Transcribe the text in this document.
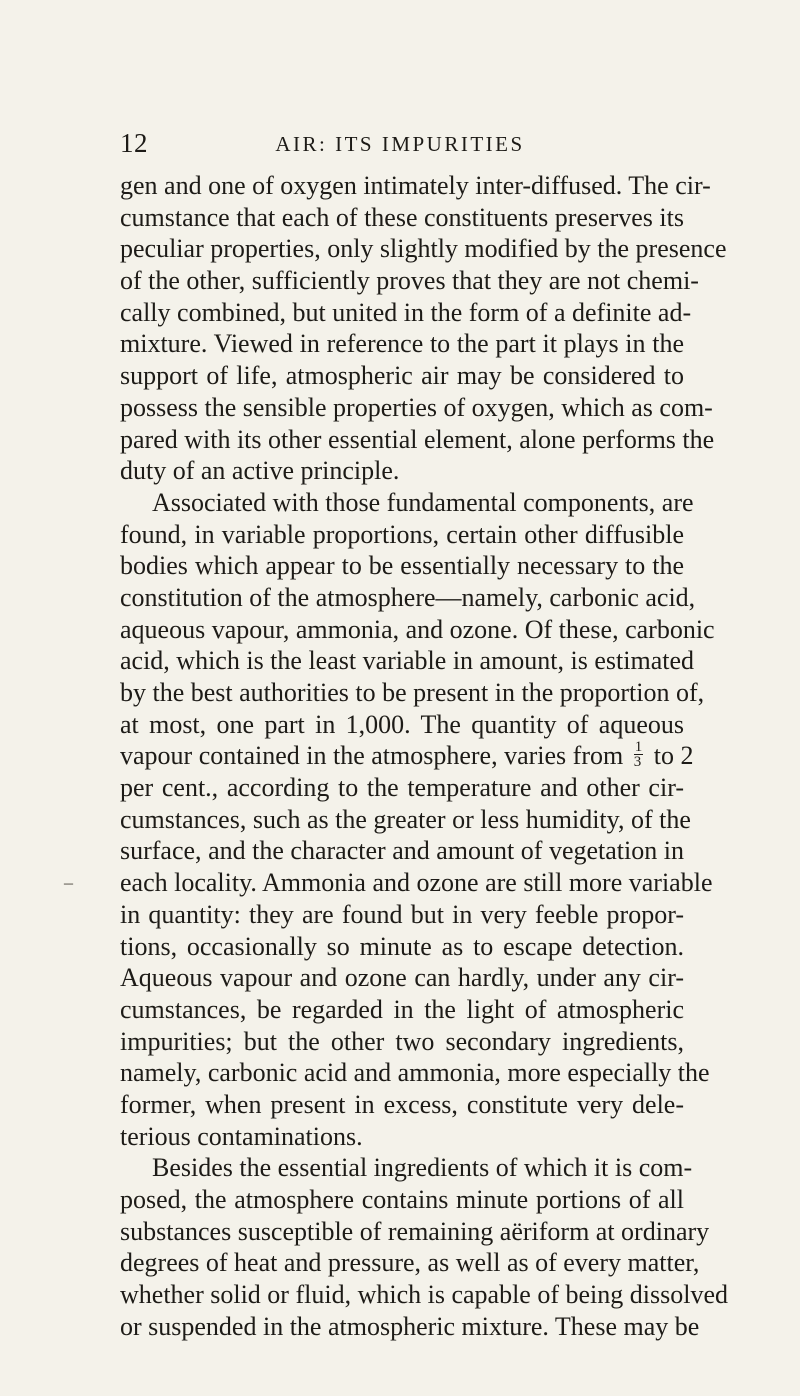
12	AIR: ITS IMPURITIES
_

gen and one of oxygen intimately inter-diffused. The cir-
cumstance that each of these constituents preserves its
peculiar properties, only slightly modified by the presence
of the other, sufficiently proves that they are not chemi-
cally combined, but united in the form of a definite ad-
mixture. Viewed in reference to the part it plays in the
support of life, atmospheric air may be considered to
possess the sensible properties of oxygen, which as com-
pared with its other essential element, alone performs the
duty of an active principle.

Associated with those fundamental components, are
found, in variable proportions, certain other diffusible
bodies which appear to be essentially necessary to the
constitution of the atmosphere—namely, carbonic acid,
aqueous vapour, ammonia, and ozone. Of these, carbonic
acid, which is the least variable in amount, is estimated
by the best authorities to be present in the proportion of,
at most, one part in 1,000. The quantity of aqueous
vapour contained in the atmosphere, varies from $\frac{1}{3}$ to 2
per cent., according to the temperature and other cir-
cumstances, such as the greater or less humidity, of the
surface, and the character and amount of vegetation in
each locality. Ammonia and ozone are still more variable
in quantity: they are found but in very feeble propor-
tions, occasionally so minute as to escape detection.
Aqueous vapour and ozone can hardly, under any cir-
cumstances, be regarded in the light of atmospheric
impurities; but the other two secondary ingredients,
namely, carbonic acid and ammonia, more especially the
former, when present in excess, constitute very dele-
terious contaminations.

Besides the essential ingredients of which it is com-
posed, the atmosphere contains minute portions of all
substances susceptible of remaining aëriform at ordinary
degrees of heat and pressure, as well as of every matter,
whether solid or fluid, which is capable of being dissolved
or suspended in the atmospheric mixture. These may be
